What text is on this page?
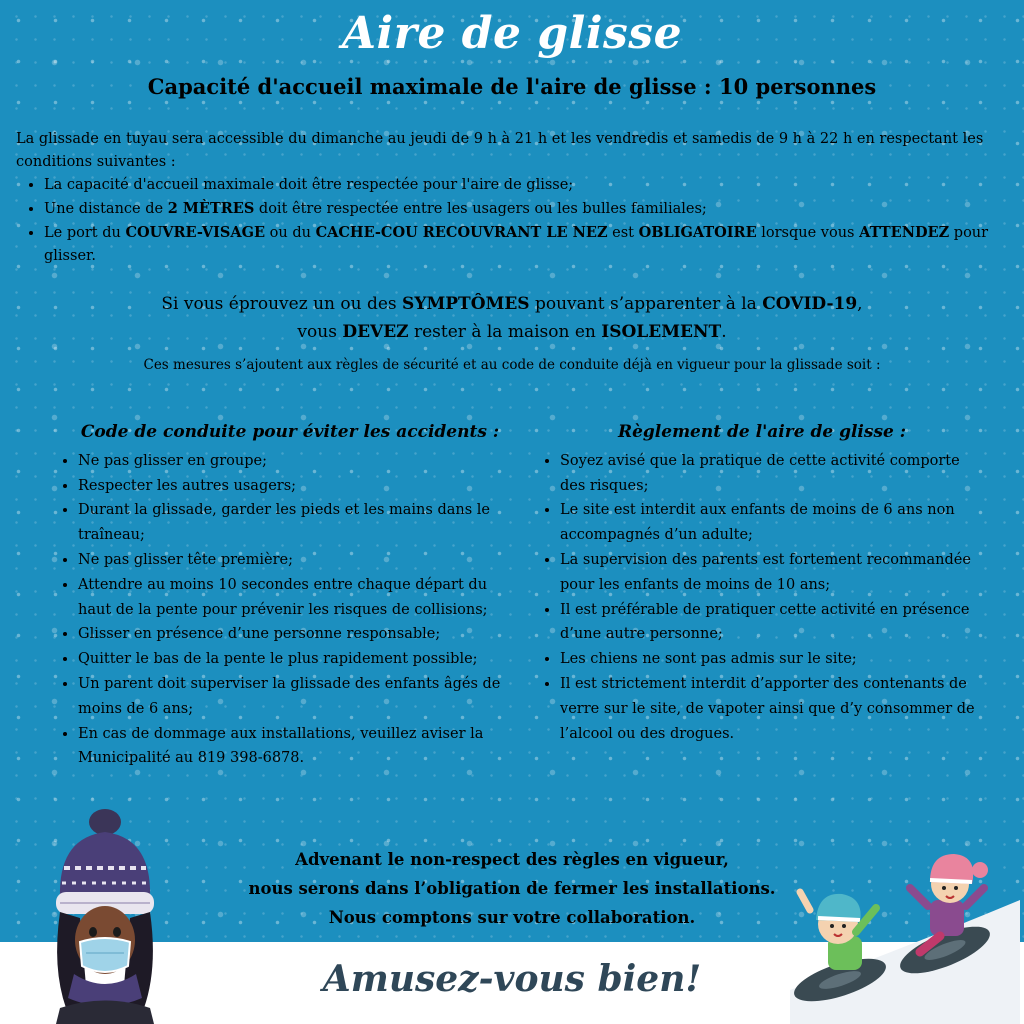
Aire de glisse
Capacité d'accueil maximale de l'aire de glisse : 10 personnes
La glissade en tuyau sera accessible du dimanche au jeudi de 9 h à 21 h et les vendredis et samedis de 9 h à 22 h en respectant les conditions suivantes :
• La capacité d'accueil maximale doit être respectée pour l'aire de glisse;
• Une distance de 2 MÈTRES doit être respectée entre les usagers ou les bulles familiales;
• Le port du COUVRE-VISAGE ou du CACHE-COU RECOUVRANT LE NEZ est OBLIGATOIRE lorsque vous ATTENDEZ pour glisser.
Si vous éprouvez un ou des SYMPTÔMES pouvant s’apparenter à la COVID-19,
vous DEVEZ rester à la maison en ISOLEMENT.
Ces mesures s’ajoutent aux règles de sécurité et au code de conduite déjà en vigueur pour la glissade soit :
Code de conduite pour éviter les accidents :
• Ne pas glisser en groupe;
• Respecter les autres usagers;
• Durant la glissade, garder les pieds et les mains dans le traîneau;
• Ne pas glisser tête première;
• Attendre au moins 10 secondes entre chaque départ du haut de la pente pour prévenir les risques de collisions;
• Glisser en présence d’une personne responsable;
• Quitter le bas de la pente le plus rapidement possible;
• Un parent doit superviser la glissade des enfants âgés de moins de 6 ans;
• En cas de dommage aux installations, veuillez aviser la Municipalité au 819 398-6878.
Règlement de l'aire de glisse :
• Soyez avisé que la pratique de cette activité comporte des risques;
• Le site est interdit aux enfants de moins de 6 ans non accompagnés d’un adulte;
• La supervision des parents est fortement recommandée pour les enfants de moins de 10 ans;
• Il est préférable de pratiquer cette activité en présence d’une autre personne;
• Les chiens ne sont pas admis sur le site;
• Il est strictement interdit d’apporter des contenants de verre sur le site, de vapoter ainsi que d’y consommer de l’alcool ou des drogues.
Advenant le non-respect des règles en vigueur,
nous serons dans l’obligation de fermer les installations.
Nous comptons sur votre collaboration.
Amusez-vous bien!
